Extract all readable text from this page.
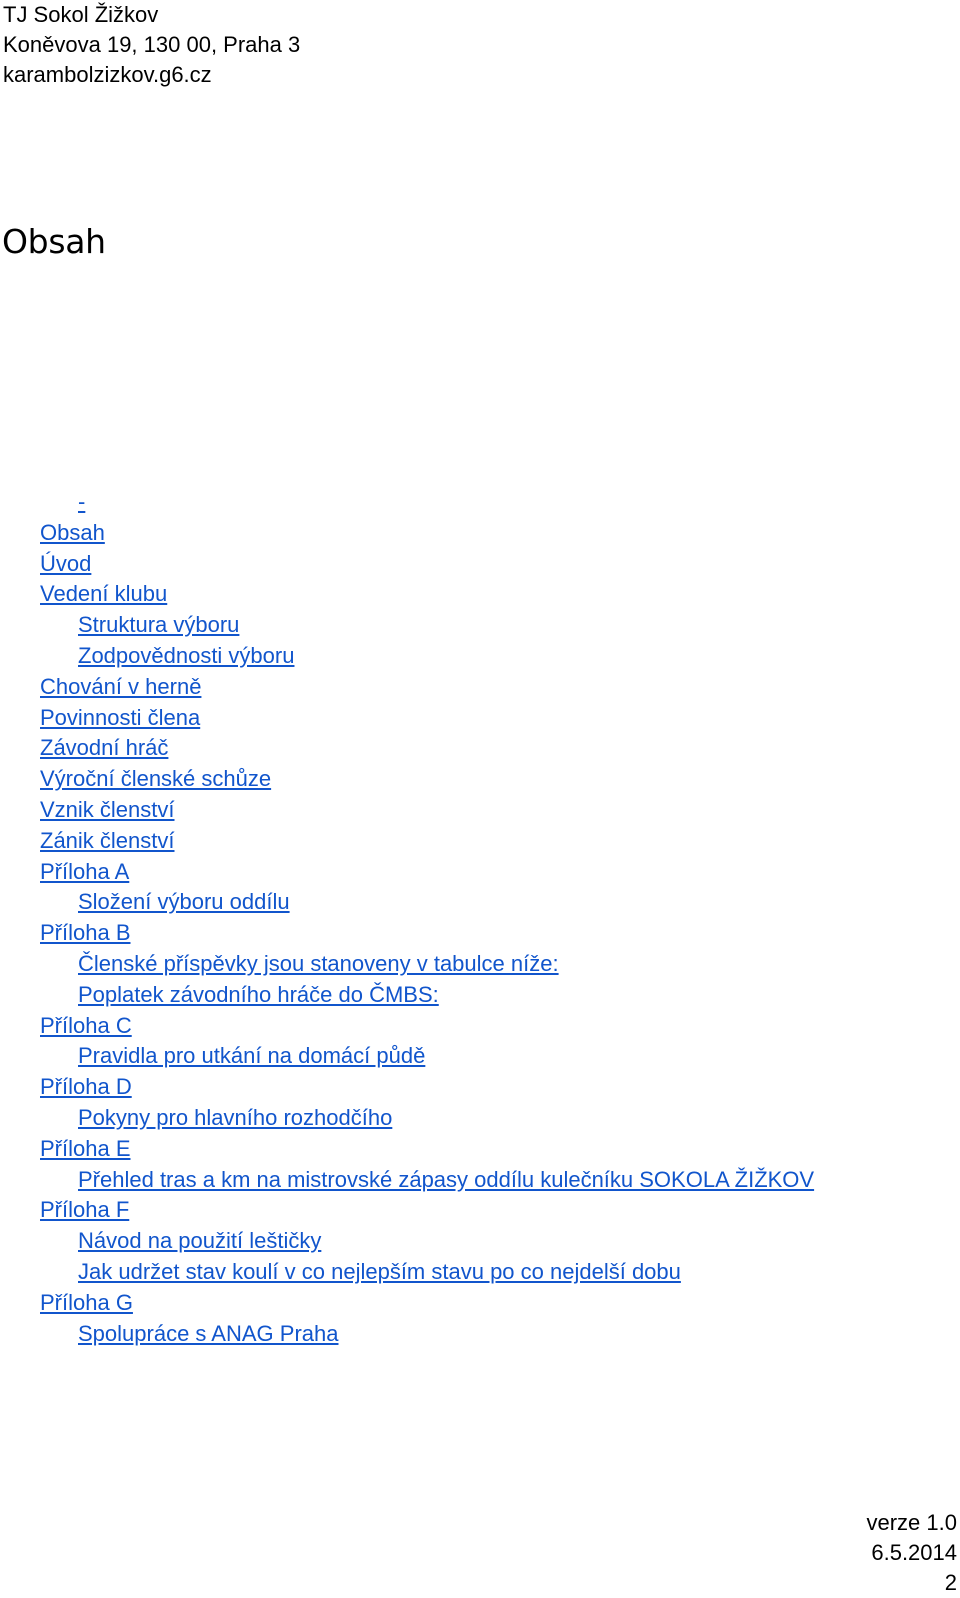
TJ Sokol Žižkov
Koněvova 19, 130 00, Praha 3
karambolzizkov.g6.cz
Obsah
-
Obsah
Úvod
Vedení klubu
Struktura výboru
Zodpovědnosti výboru
Chování v herně
Povinnosti člena
Závodní hráč
Výroční členské schůze
Vznik členství
Zánik členství
Příloha A
Složení výboru oddílu
Příloha B
Členské příspěvky jsou stanoveny v tabulce níže:
Poplatek závodního hráče do ČMBS:
Příloha C
Pravidla pro utkání na domácí půdě
Příloha D
Pokyny pro hlavního rozhodčího
Příloha E
Přehled tras a km na mistrovské zápasy oddílu kulečníku SOKOLA ŽIŽKOV
Příloha F
Návod na použití leštičky
Jak udržet stav koulí v co nejlepším stavu po co nejdelší dobu
Příloha G
Spolupráce s ANAG Praha
verze 1.0
6.5.2014
2
